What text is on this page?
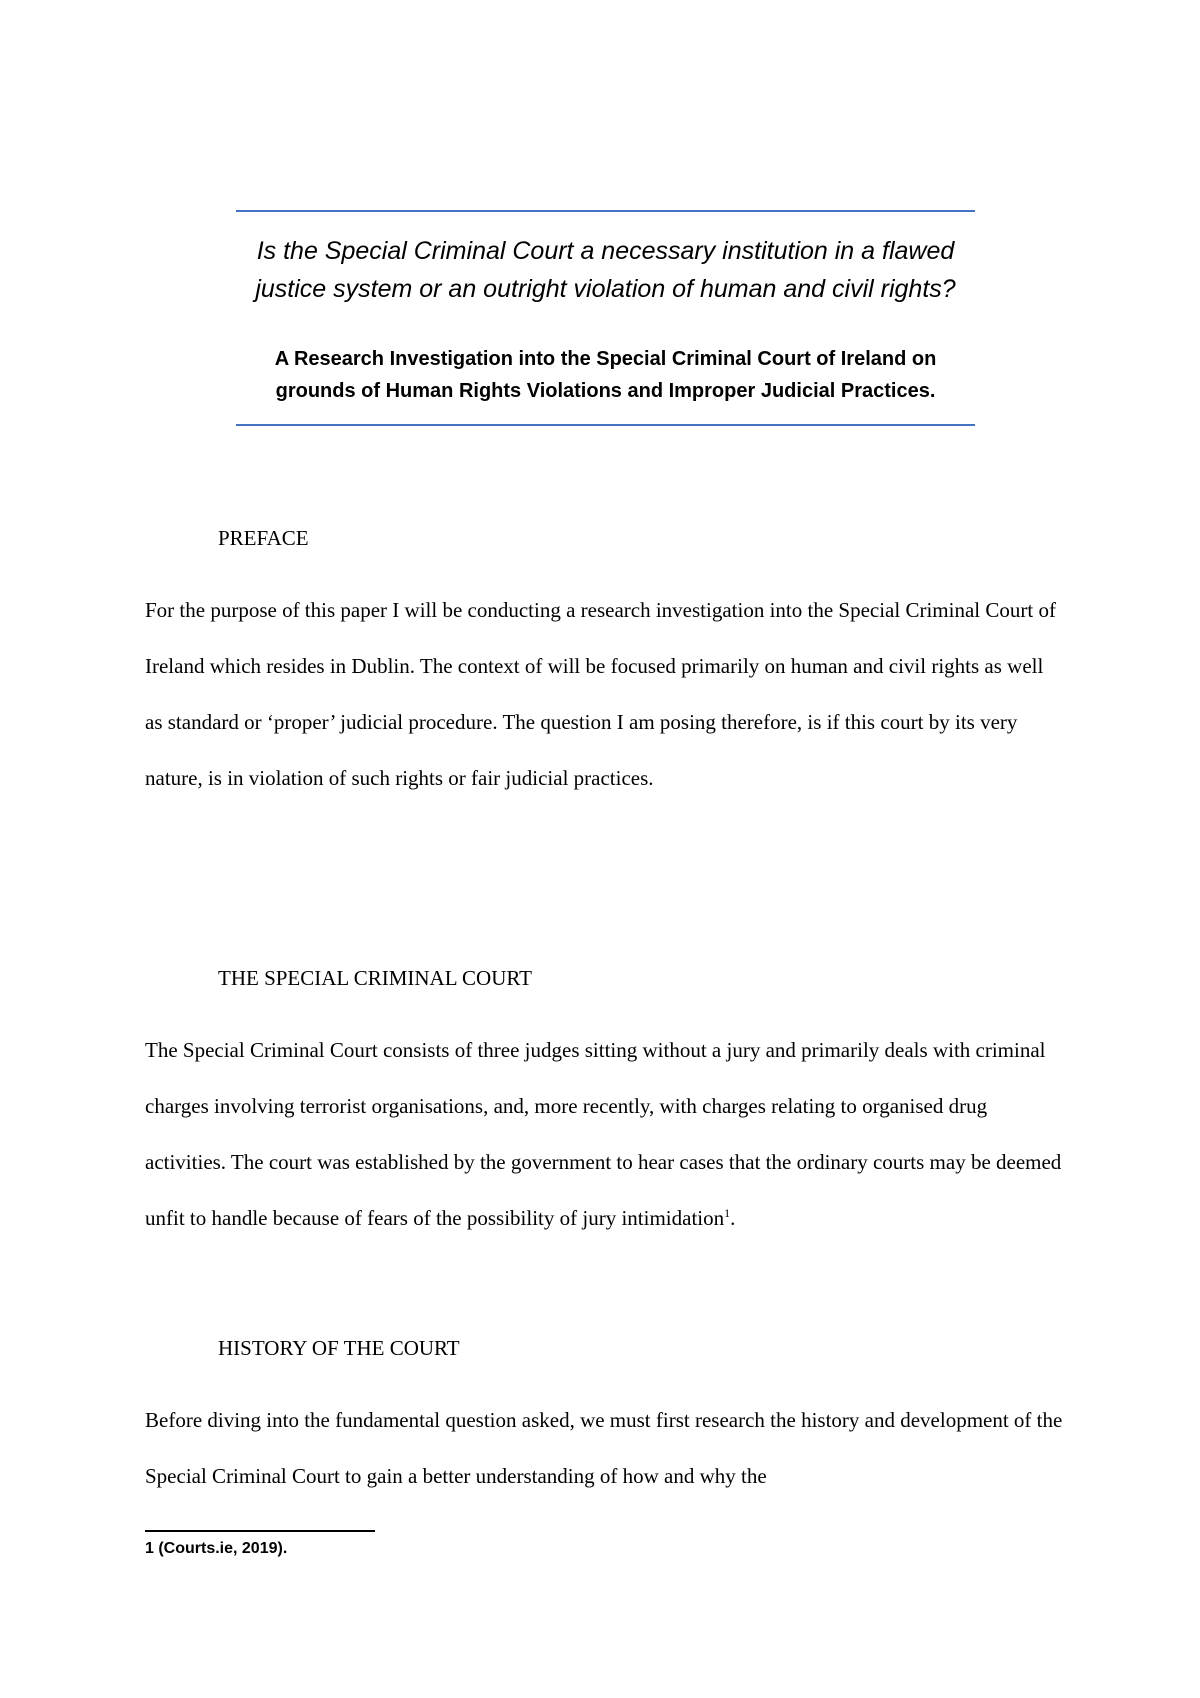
Is the Special Criminal Court a necessary institution in a flawed
justice system or an outright violation of human and civil rights?

A Research Investigation into the Special Criminal Court of Ireland on
grounds of Human Rights Violations and Improper Judicial Practices.

PREFACE

For the purpose of this paper I will be conducting a research investigation into the Special Criminal Court of Ireland which resides in Dublin. The context of will be focused primarily on human and civil rights as well as standard or ‘proper’ judicial procedure. The question I am posing therefore, is if this court by its very nature, is in violation of such rights or fair judicial practices.

THE SPECIAL CRIMINAL COURT

The Special Criminal Court consists of three judges sitting without a jury and primarily deals with criminal charges involving terrorist organisations, and, more recently, with charges relating to organised drug activities. The court was established by the government to hear cases that the ordinary courts may be deemed unfit to handle because of fears of the possibility of jury intimidation$^1$.

HISTORY OF THE COURT

Before diving into the fundamental question asked, we must first research the history and development of the Special Criminal Court to gain a better understanding of how and why the

1 (Courts.ie, 2019).
